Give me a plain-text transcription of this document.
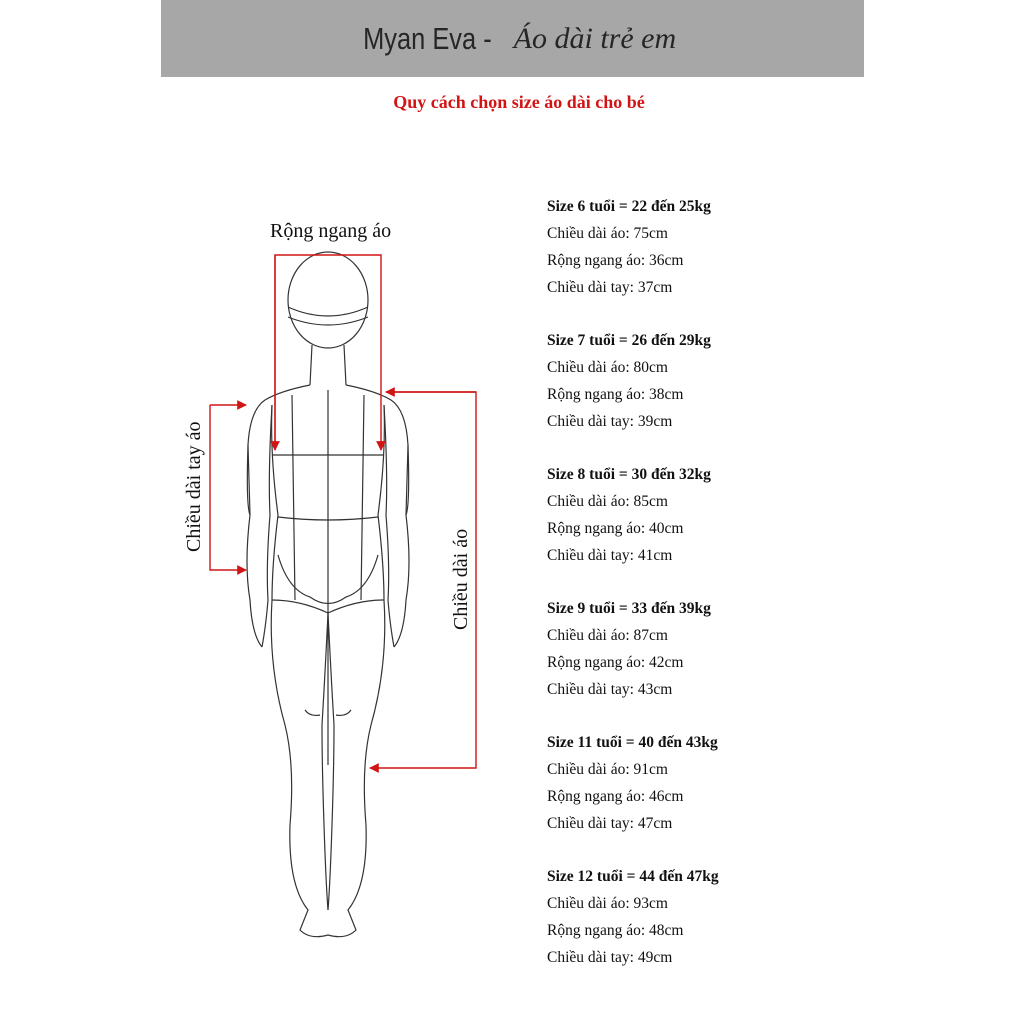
Myan Eva - Áo dài trẻ em
Quy cách chọn size áo dài cho bé
Rộng ngang áo
Chiều dài tay áo
Chiều dài áo
Size 6 tuổi = 22 đến 25kg
Chiều dài áo: 75cm
Rộng ngang áo: 36cm
Chiều dài tay: 37cm
Size 7 tuổi = 26 đến 29kg
Chiều dài áo: 80cm
Rộng ngang áo: 38cm
Chiều dài tay: 39cm
Size 8 tuổi = 30 đến 32kg
Chiều dài áo: 85cm
Rộng ngang áo: 40cm
Chiều dài tay: 41cm
Size 9 tuổi = 33 đến 39kg
Chiều dài áo: 87cm
Rộng ngang áo: 42cm
Chiều dài tay: 43cm
Size 11 tuổi = 40 đến 43kg
Chiều dài áo: 91cm
Rộng ngang áo: 46cm
Chiều dài tay: 47cm
Size 12 tuổi = 44 đến 47kg
Chiều dài áo: 93cm
Rộng ngang áo: 48cm
Chiều dài tay: 49cm
